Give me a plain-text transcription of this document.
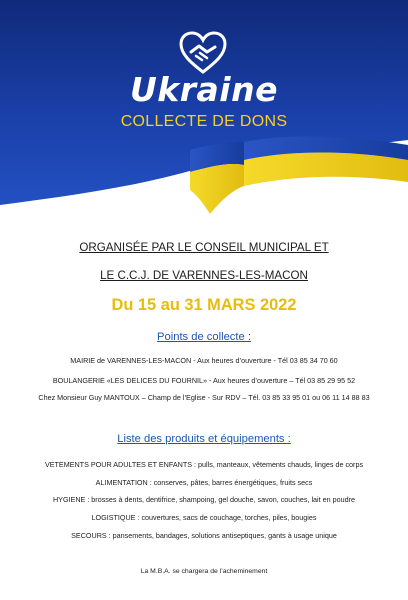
Ukraine
COLLECTE DE DONS
ORGANISÉE PAR LE CONSEIL MUNICIPAL ET
LE C.C.J. DE VARENNES-LES-MACON
Du 15 au 31 MARS 2022
Points de collecte :
MAIRIE de VARENNES-LES-MACON - Aux heures d’ouverture - Tél 03 85 34 70 60
BOULANGERIE «LES DELICES DU FOURNIL» - Aux heures d’ouverture – Tél 03 85 29 95 52
Chez Monsieur Guy MANTOUX – Champ de l’Eglise - Sur RDV – Tél. 03 85 33 95 01 ou 06 11 14 88 83
Liste des produits et équipements :
VETEMENTS POUR ADULTES ET ENFANTS : pulls, manteaux, vêtements chauds, linges de corps
ALIMENTATION : conserves, pâtes, barres énergétiques, fruits secs
HYGIENE : brosses à dents, dentifrice, shampoing, gel douche, savon, couches, lait en poudre
LOGISTIQUE : couvertures, sacs de couchage, torches, piles, bougies
SECOURS : pansements, bandages, solutions antiseptiques, gants à usage unique
La M.B.A. se chargera de l’acheminement
